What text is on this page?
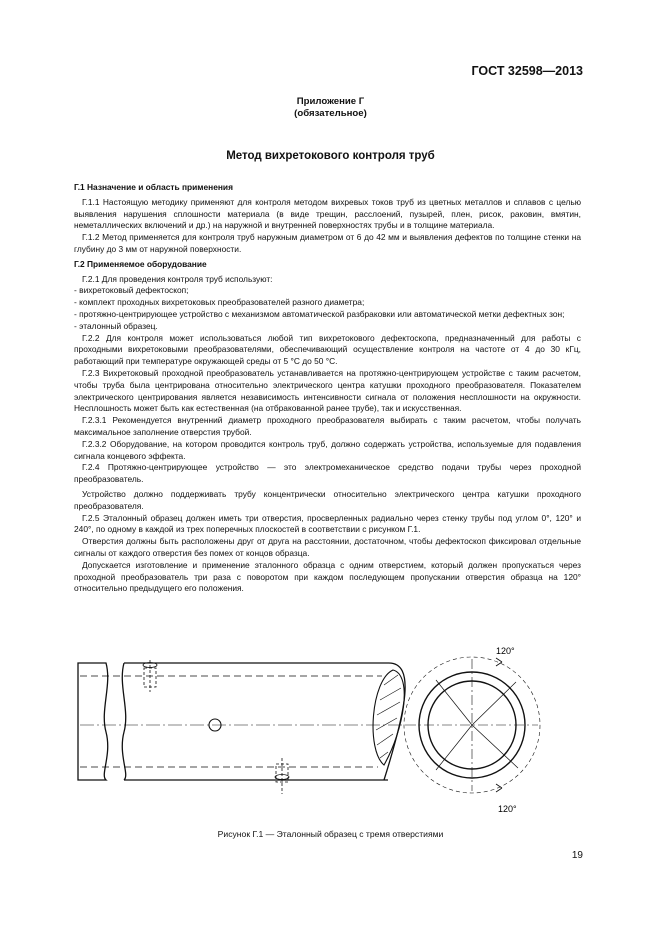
ГОСТ 32598—2013
Приложение Г
(обязательное)
Метод вихретокового контроля труб

Г.1 Назначение и область применения

Г.1.1 Настоящую методику применяют для контроля методом вихревых токов труб из цветных металлов и сплавов с целью выявления нарушения сплошности материала (в виде трещин, расслоений, пузырей, плен, рисок, раковин, вмятин, неметаллических включений и др.) на наружной и внутренней поверхностях трубы и в толщине материала.

Г.1.2 Метод применяется для контроля труб наружным диаметром от 6 до 42 мм и выявления дефектов по толщине стенки на глубину до 3 мм от наружной поверхности.

Г.2 Применяемое оборудование

Г.2.1 Для проведения контроля труб используют:

- вихретоковый дефектоскоп;

- комплект проходных вихретоковых преобразователей разного диаметра;

- протяжно-центрирующее устройство с механизмом автоматической разбраковки или автоматической метки дефектных зон;

- эталонный образец.

Г.2.2 Для контроля может использоваться любой тип вихретокового дефектоскопа, предназначенный для работы с проходными вихретоковыми преобразователями, обеспечивающий осуществление контроля на частоте от 4 до 30 кГц, работающий при температуре окружающей среды от 5 °С до 50 °С.

Г.2.3 Вихретоковый проходной преобразователь устанавливается на протяжно-центрирующем устройстве с таким расчетом, чтобы труба была центрирована относительно электрического центра катушки проходного преобразователя. Показателем электрического центрирования является независимость интенсивности сигнала от положения несплошности на окружности. Несплошность может быть как естественная (на отбракованной ранее трубе), так и искусственная.

Г.2.3.1 Рекомендуется внутренний диаметр проходного преобразователя выбирать с таким расчетом, чтобы получать максимальное заполнение отверстия трубой.

Г.2.3.2 Оборудование, на котором проводится контроль труб, должно содержать устройства, используемые для подавления сигнала концевого эффекта.

Г.2.4 Протяжно-центрирующее устройство — это электромеханическое средство подачи трубы через проходной преобразователь.

Устройство должно поддерживать трубу концентрически относительно электрического центра катушки проходного преобразователя.

Г.2.5 Эталонный образец должен иметь три отверстия, просверленных радиально через стенку трубы под углом 0°, 120° и 240°, по одному в каждой из трех поперечных плоскостей в соответствии с рисунком Г.1.

Отверстия должны быть расположены друг от друга на расстоянии, достаточном, чтобы дефектоскоп фиксировал отдельные сигналы от каждого отверстия без помех от концов образца.

Допускается изготовление и применение эталонного образца с одним отверстием, который должен пропускаться через проходной преобразователь три раза с поворотом при каждом последующем пропускании отверстия образца на 120° относительно предыдущего его положения.

120°
120°
Рисунок Г.1 — Эталонный образец с тремя отверстиями
19
